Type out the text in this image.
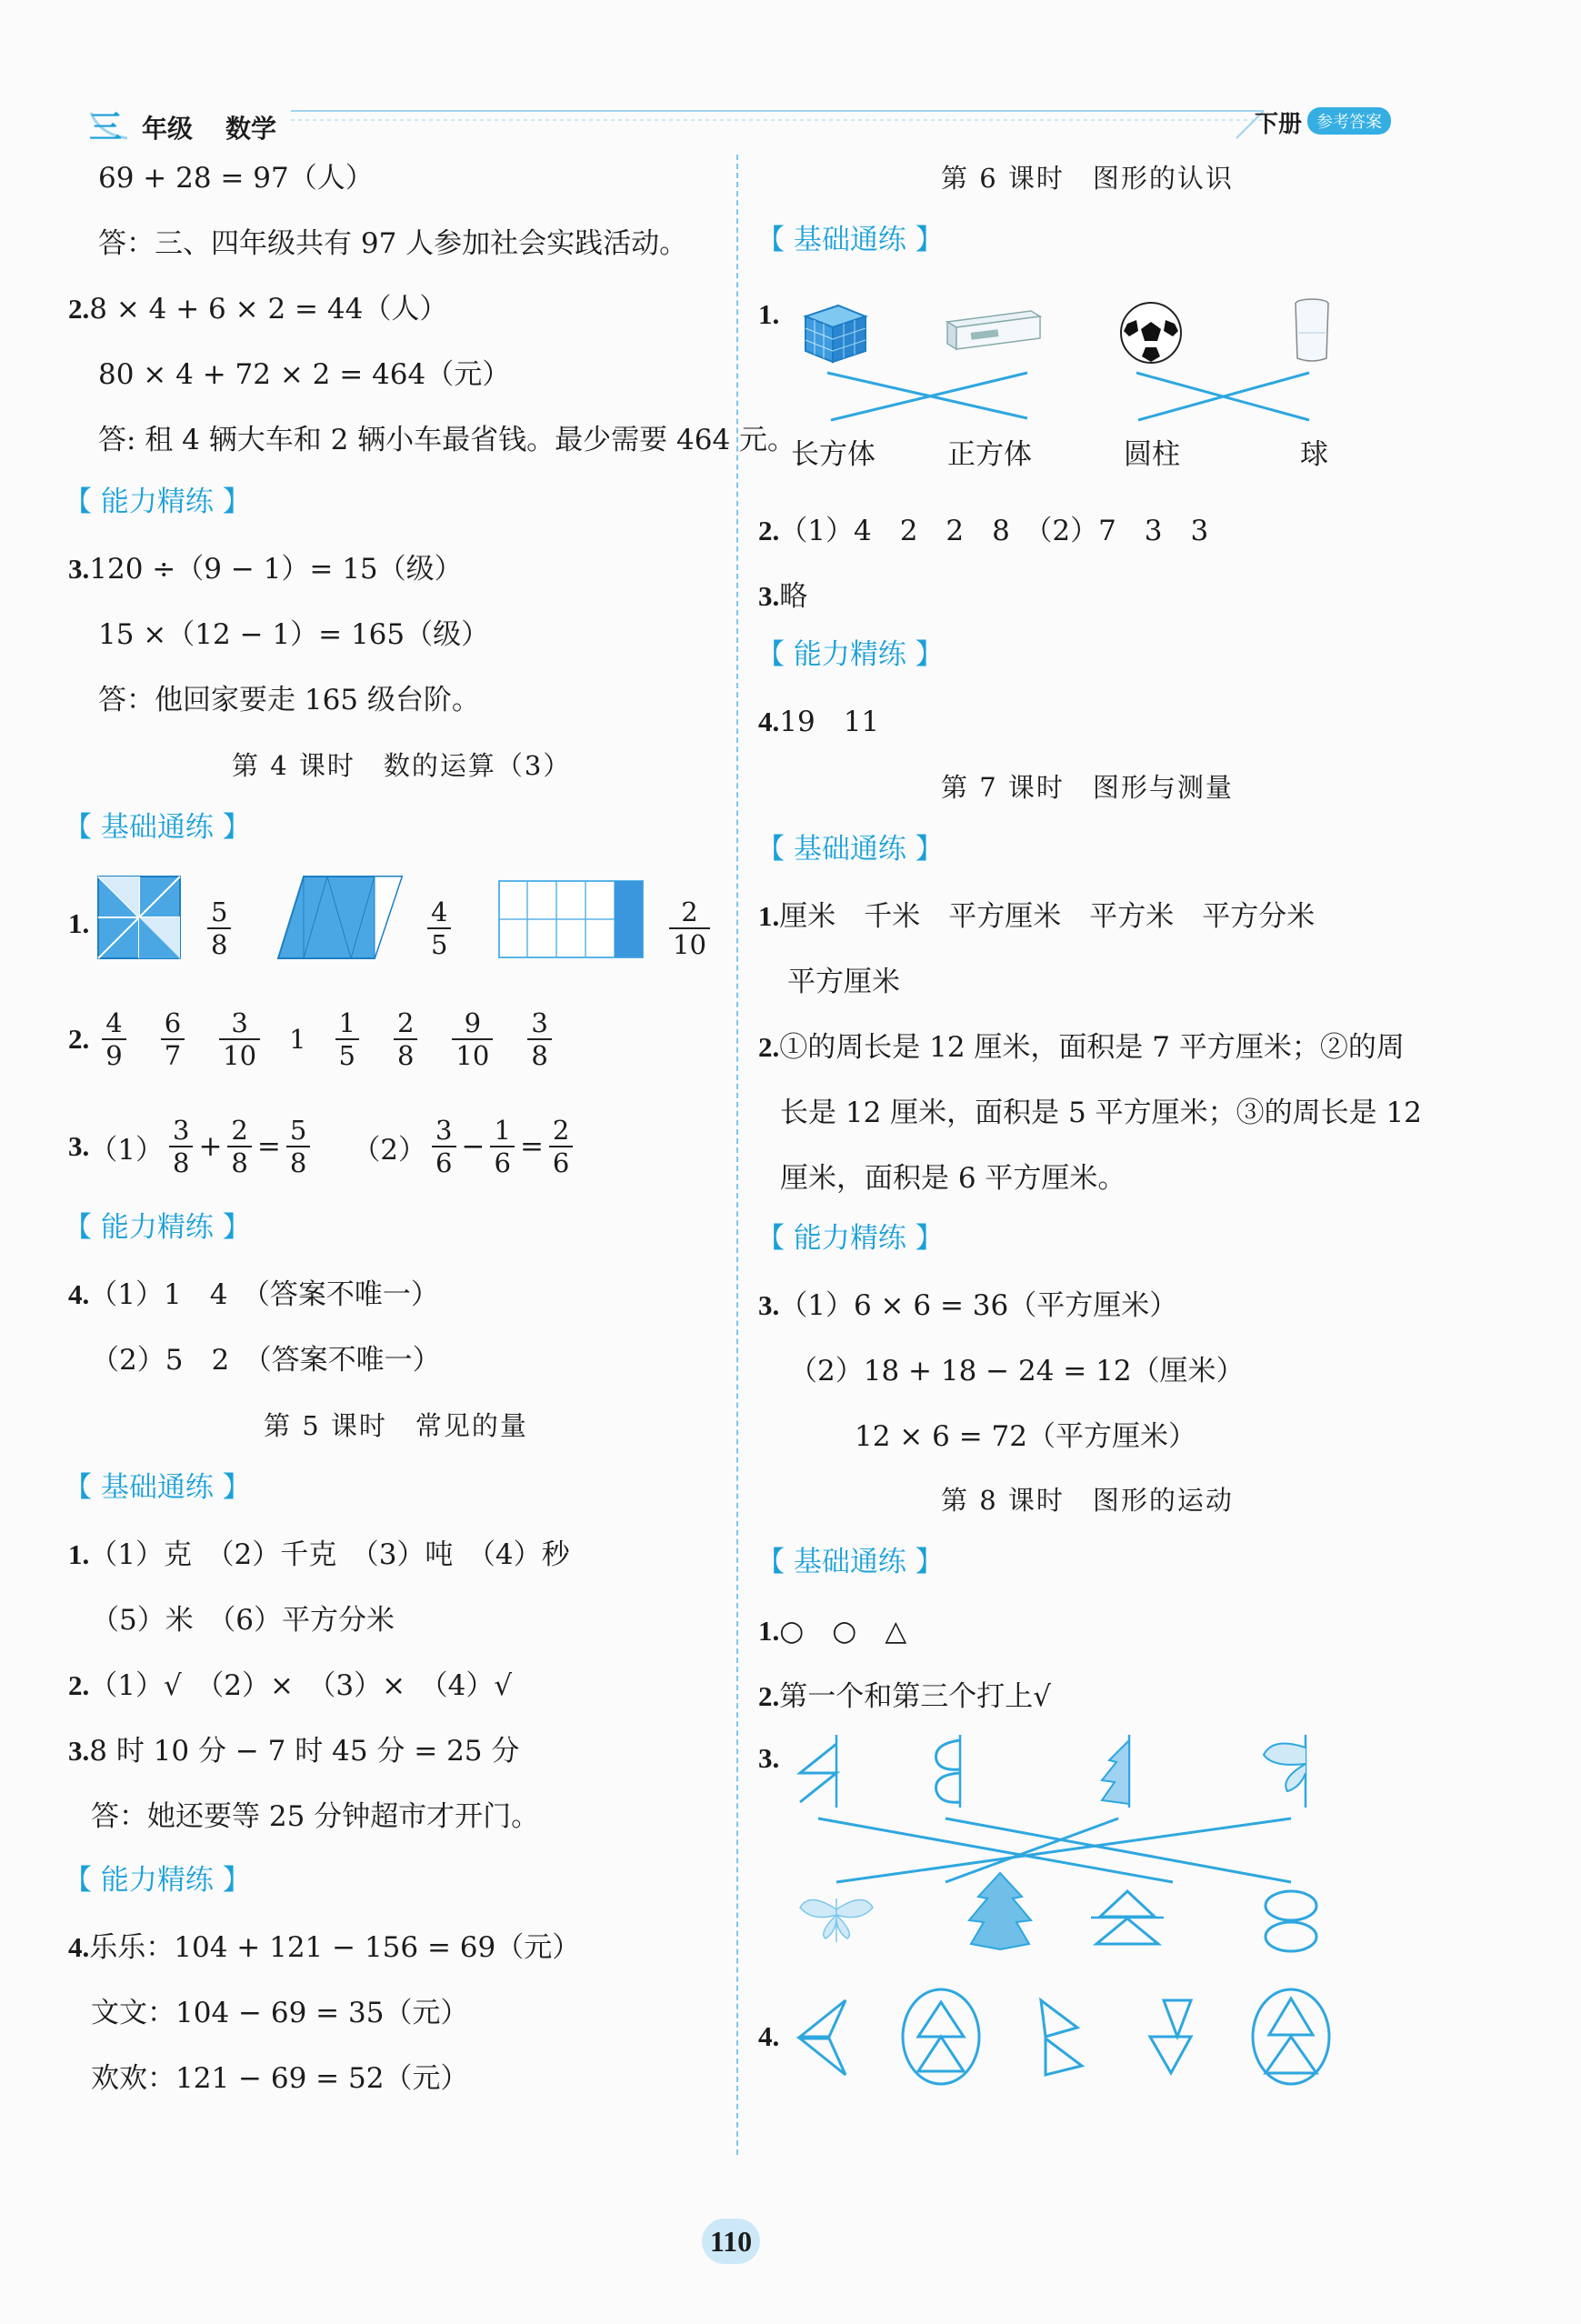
三 年级 数学	下册 参考答案
69 + 28 = 97（人）
答：三、四年级共有 97 人参加社会实践活动。
2.8 × 4 + 6 × 2 = 44（人）
80 × 4 + 72 × 2 = 464（元）
答: 租 4 辆大车和 2 辆小车最省钱。最少需要 464 元。
【 能力精练 】
3.120 ÷（9 − 1）= 15（级）
15 ×（12 − 1）= 165（级）
答：他回家要走 165 级台阶。
第 4 课时　数的运算（3）
【 基础通练 】
1.	$\frac{5}{8}$	$\frac{4}{5}$	$\frac{2}{10}$
2. $\frac{4}{9} \frac{6}{7} \frac{3}{10} 1 \frac{1}{5} \frac{2}{8} \frac{9}{10} \frac{3}{8}$
3. $(1) \frac{3}{8} + \frac{2}{8} = \frac{5}{8} (2) \frac{3}{6} - \frac{1}{6} = \frac{2}{6}$
【 能力精练 】
4.（1）1　4　（答案不唯一）
（2）5　2　（答案不唯一）
第 5 课时　常见的量
【 基础通练 】
1.（1）克　（2）千克　（3）吨　（4）秒
（5）米　（6）平方分米
2.（1）√　（2）×　（3）×　（4）√
3.8 时 10 分 − 7 时 45 分 = 25 分
答：她还要等 25 分钟超市才开门。
【 能力精练 】
4.乐乐：104 + 121 − 156 = 69（元）
文文：104 − 69 = 35（元）
欢欢：121 − 69 = 52（元）
第 6 课时　图形的认识
【 基础通练 】
1.
长方体	正方体	圆柱	球
2.（1）4　2　2　8　（2）7　3　3
3.略
【 能力精练 】
4.19　11
第 7 课时　图形与测量
【 基础通练 】
1.厘米　千米　平方厘米　平方米　平方分米
平方厘米
2.①的周长是 12 厘米，面积是 7 平方厘米；②的周
长是 12 厘米，面积是 5 平方厘米；③的周长是 12
厘米，面积是 6 平方厘米。
【 能力精练 】
3.（1）6 × 6 = 36（平方厘米）
（2）18 + 18 − 24 = 12（厘米）
12 × 6 = 72（平方厘米）
第 8 课时　图形的运动
【 基础通练 】
1.○　○　△
2.第一个和第三个打上√
3.
4.
110
